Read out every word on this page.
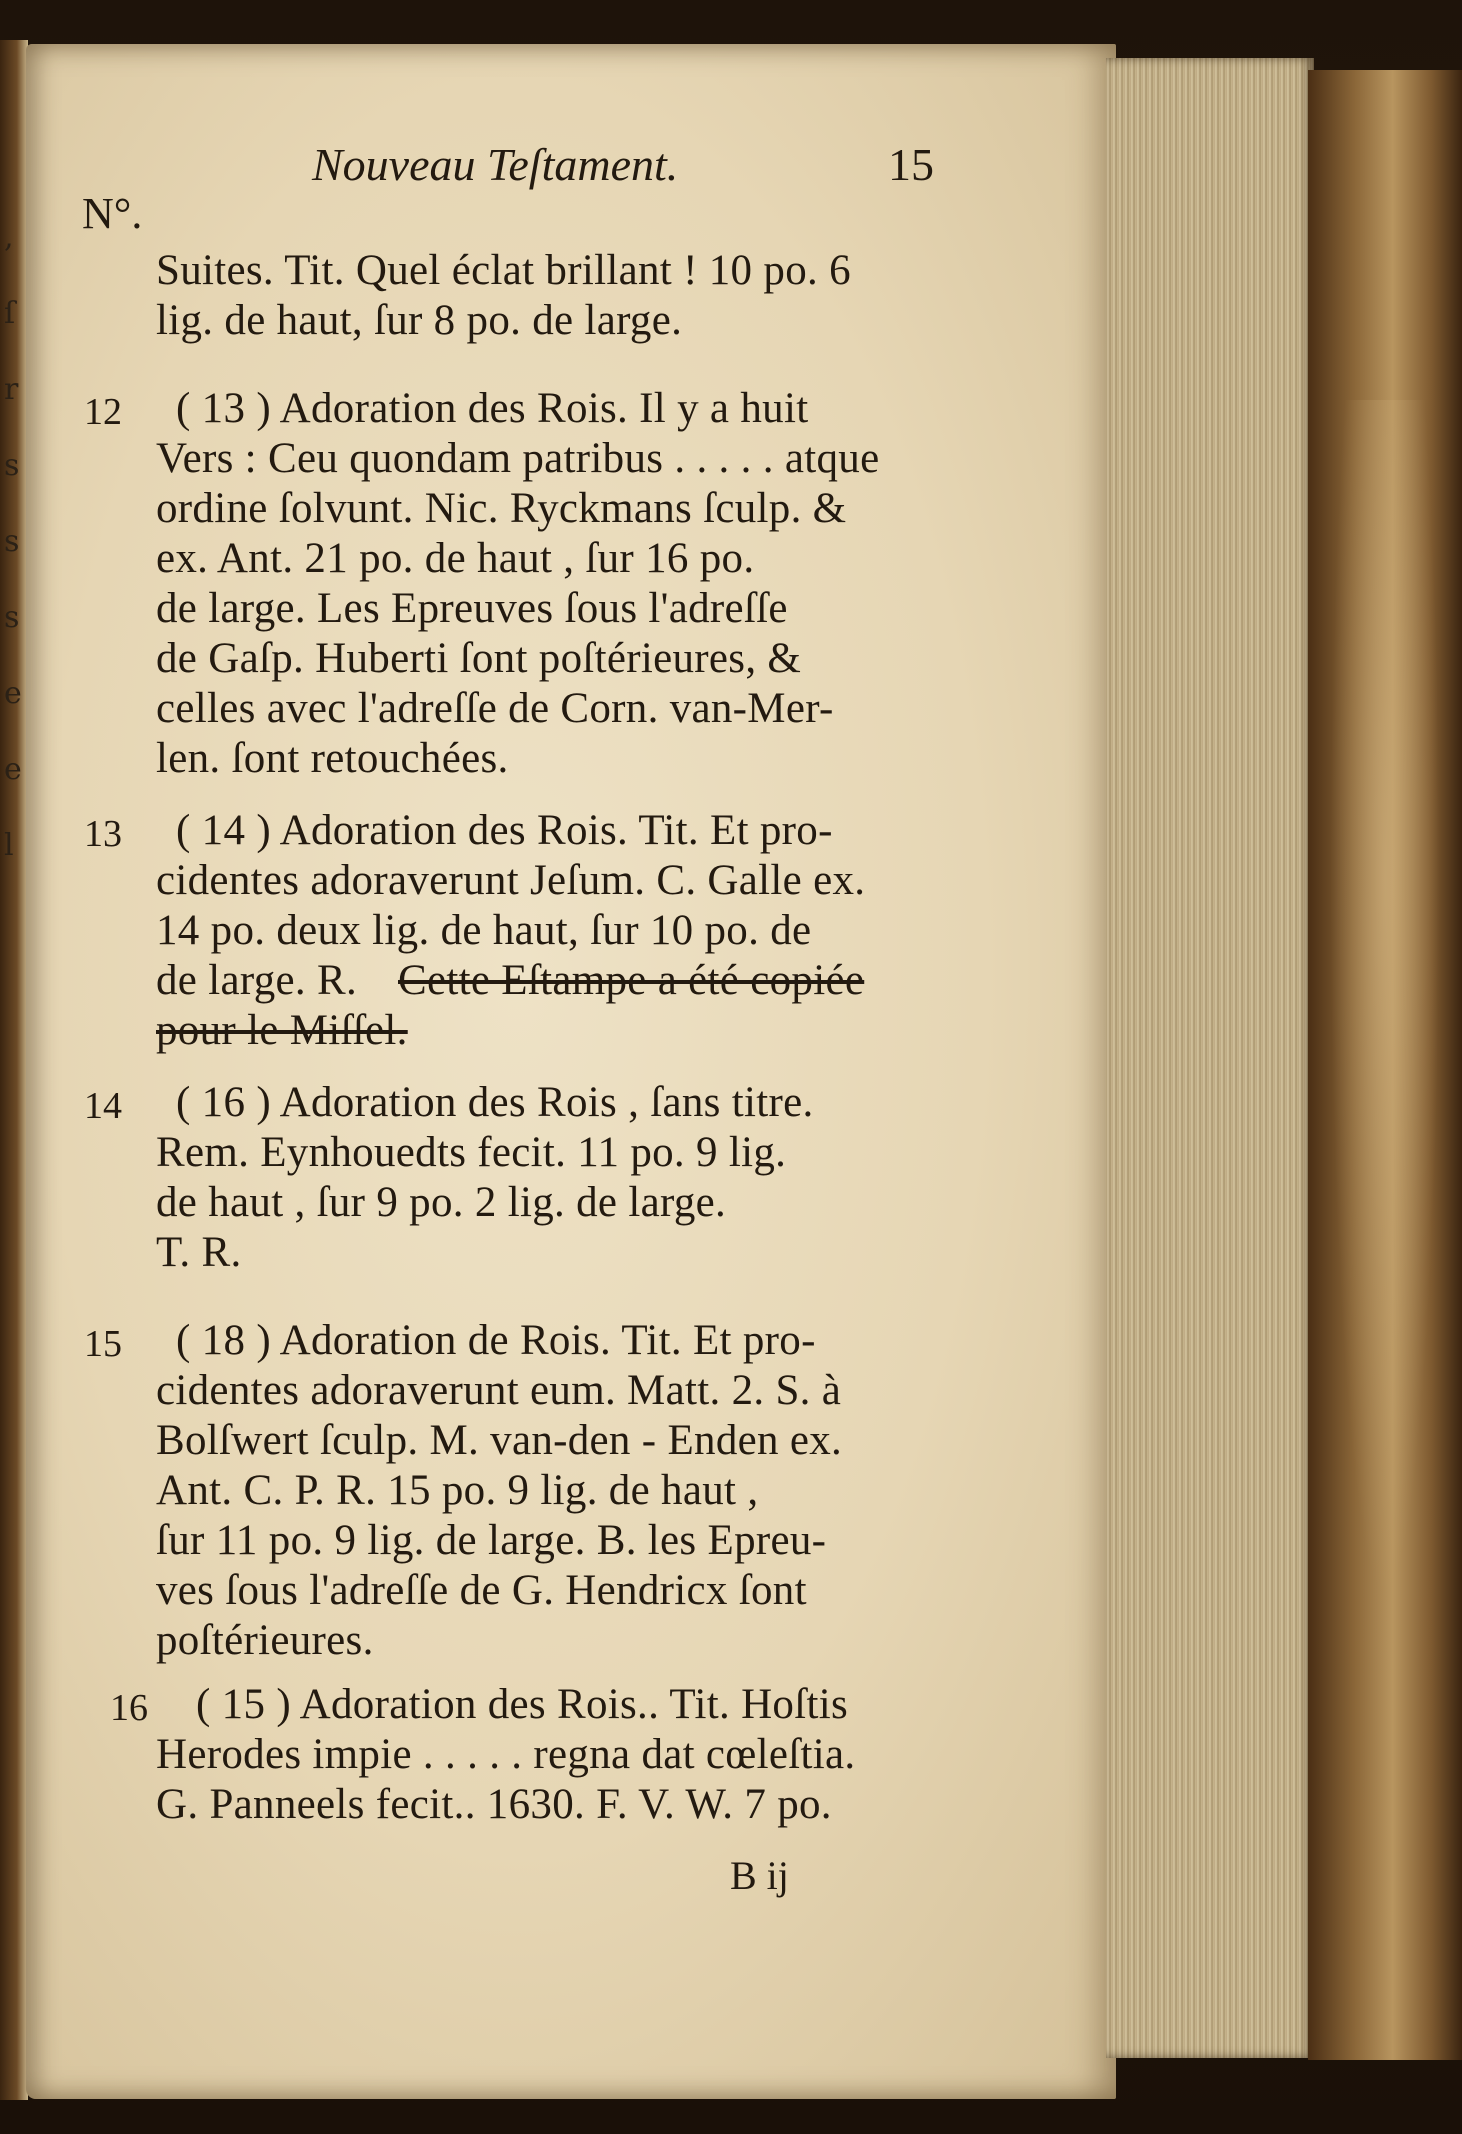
,
ſ
r
s
s
s
e
e
l
Nouveau Teſtament.	15
N°.
Suites. Tit. Quel éclat brillant ! 10 po. 6
lig. de haut, ſur 8 po. de large.
12 ( 13 ) Adoration des Rois. Il y a huit
Vers : Ceu quondam patribus . . . . . atque
ordine ſolvunt. Nic. Ryckmans ſculp. &
ex. Ant. 21 po. de haut , ſur 16 po.
de large. Les Epreuves ſous l'adreſſe
de Gaſp. Huberti ſont poſtérieures, &
celles avec l'adreſſe de Corn. van-Mer-
len. ſont retouchées.
13 ( 14 ) Adoration des Rois. Tit. Et pro-
cidentes adoraverunt Jeſum. C. Galle ex.
14 po. deux lig. de haut, ſur 10 po. de
de large. R. Cette Eſtampe a été copiée
pour le Miſſel.
14 ( 16 ) Adoration des Rois , ſans titre.
Rem. Eynhouedts fecit. 11 po. 9 lig.
de haut , ſur 9 po. 2 lig. de large.
T. R.
15 ( 18 ) Adoration de Rois. Tit. Et pro-
cidentes adoraverunt eum. Matt. 2. S. à
Bolſwert ſculp. M. van-den - Enden ex.
Ant. C. P. R. 15 po. 9 lig. de haut ,
ſur 11 po. 9 lig. de large. B. les Epreu-
ves ſous l'adreſſe de G. Hendricx ſont
poſtérieures.
16 ( 15 ) Adoration des Rois.. Tit. Hoſtis
Herodes impie . . . . . regna dat cœleſtia.
G. Panneels fecit.. 1630. F. V. W. 7 po.
B ij
